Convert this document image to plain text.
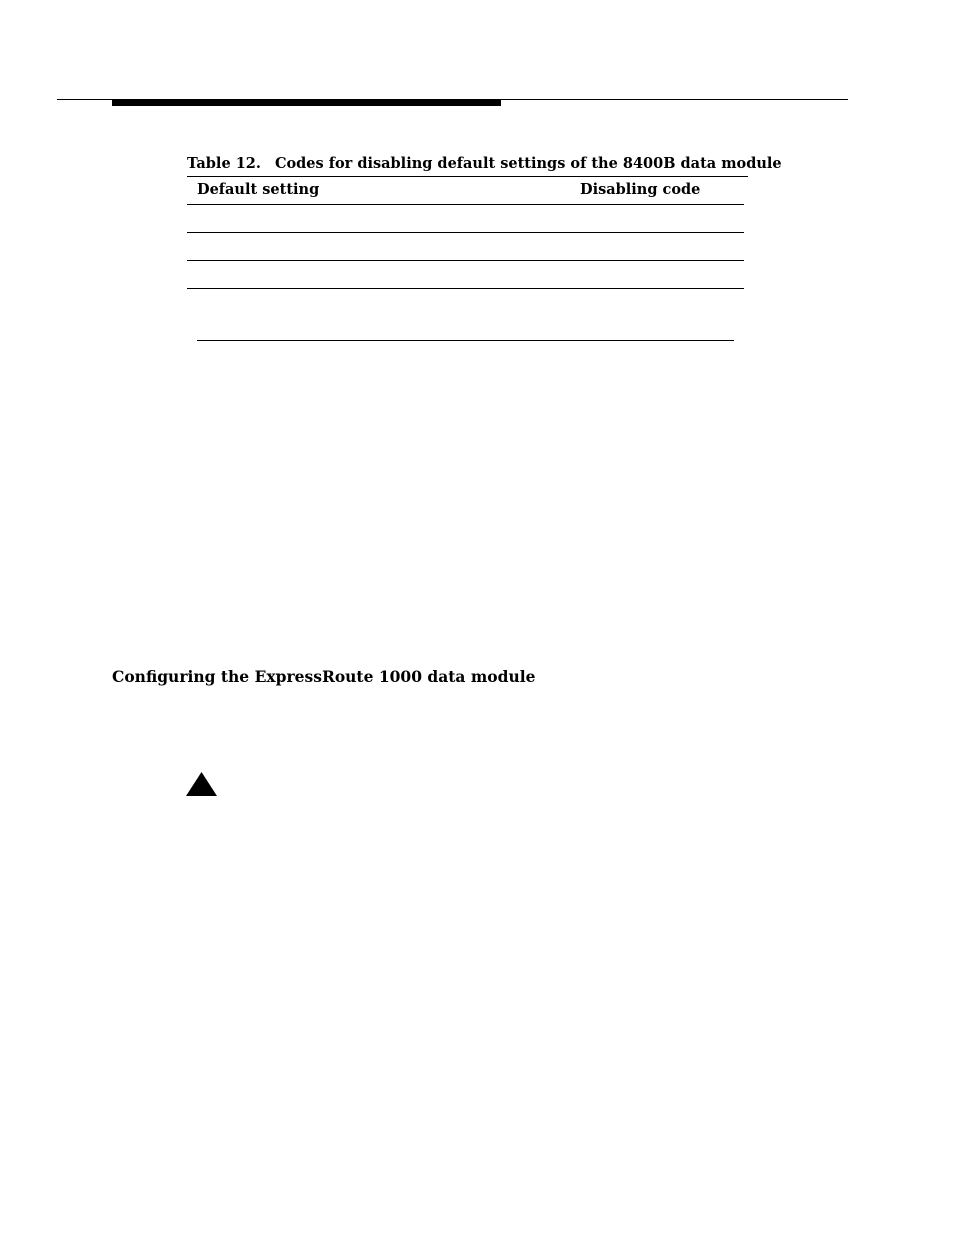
Table 12. Codes for disabling default settings of the 8400B data module
Default setting	Disabling code
Configuring the ExpressRoute 1000 data module
